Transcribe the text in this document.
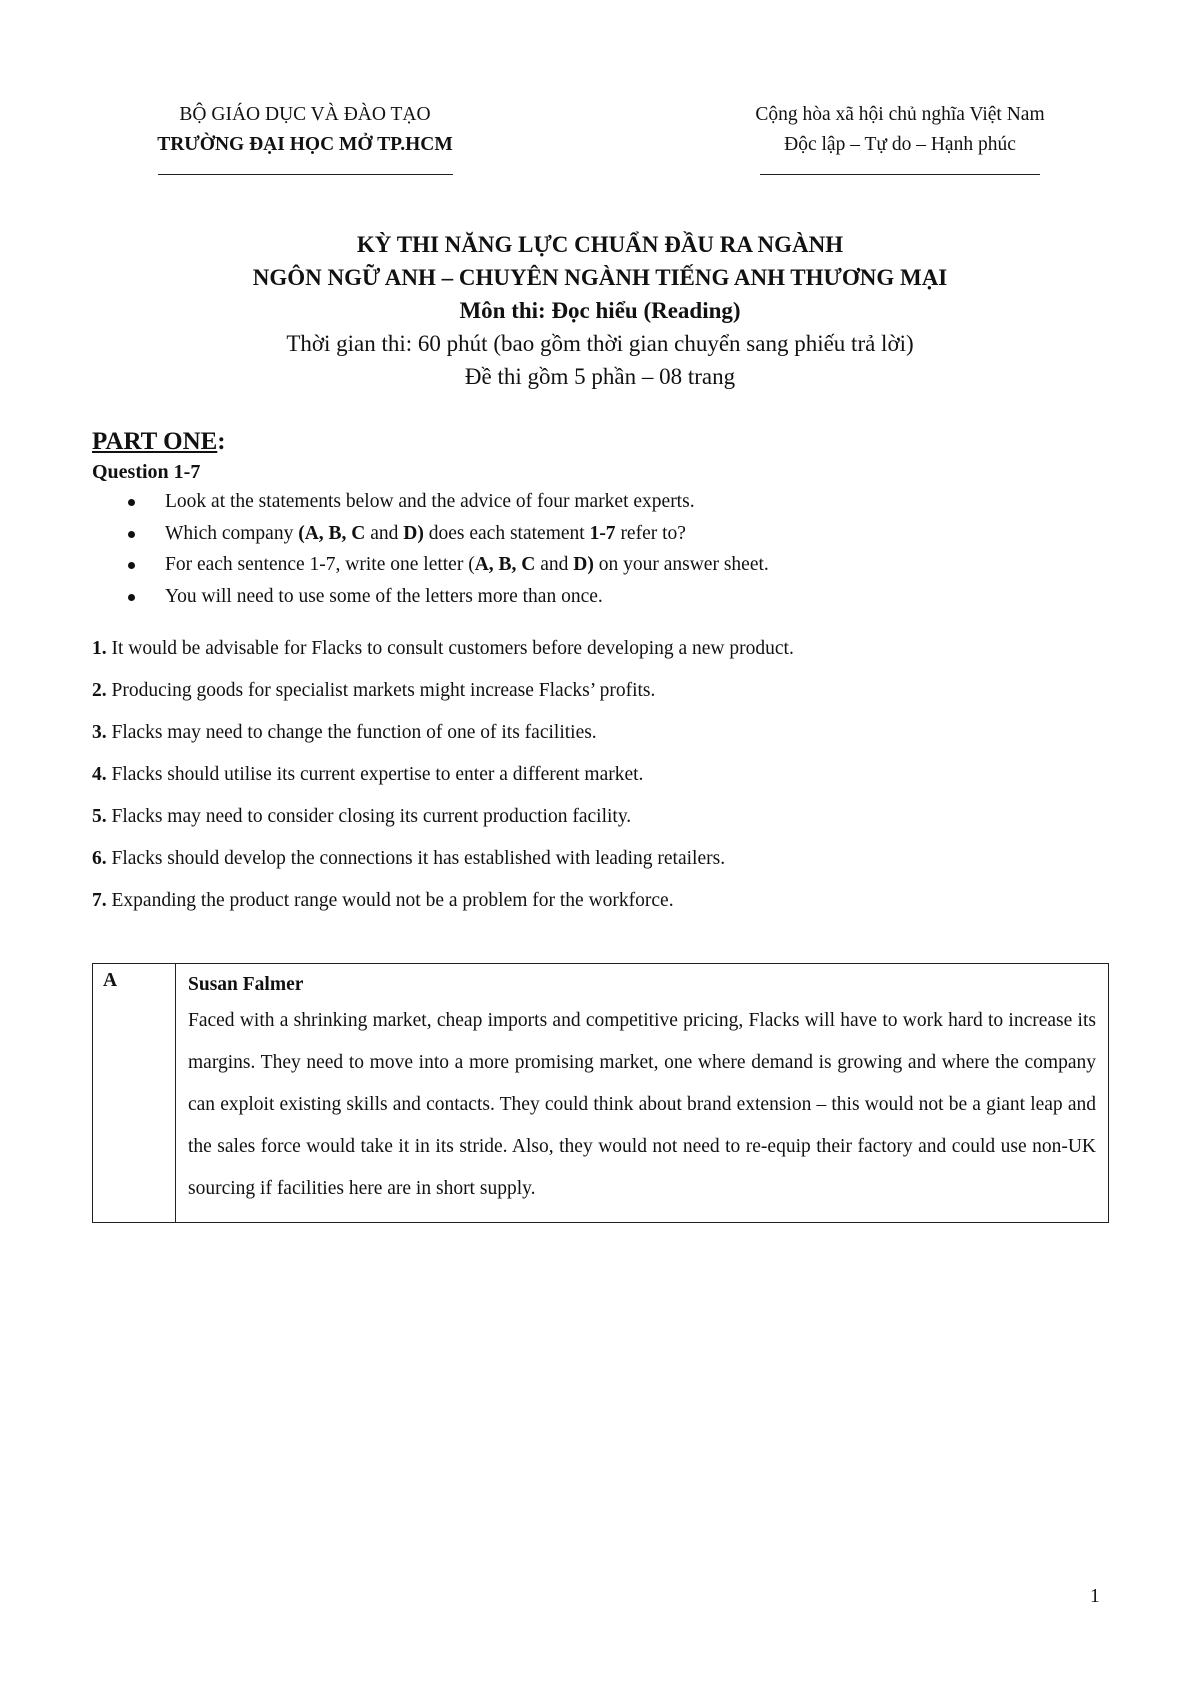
BỘ GIÁO DỤC VÀ ĐÀO TẠO
TRƯỜNG ĐẠI HỌC MỞ TP.HCM
Cộng hòa xã hội chủ nghĩa Việt Nam
Độc lập – Tự do – Hạnh phúc
KỲ THI NĂNG LỰC CHUẨN ĐẦU RA NGÀNH
NGÔN NGỮ ANH – CHUYÊN NGÀNH TIẾNG ANH THƯƠNG MẠI
Môn thi: Đọc hiểu (Reading)
Thời gian thi: 60 phút (bao gồm thời gian chuyển sang phiếu trả lời)
Đề thi gồm 5 phần – 08 trang
PART ONE:
Question 1-7
Look at the statements below and the advice of four market experts.
Which company (A, B, C and D) does each statement 1-7 refer to?
For each sentence 1-7, write one letter (A, B, C and D) on your answer sheet.
You will need to use some of the letters more than once.
1. It would be advisable for Flacks to consult customers before developing a new product.
2. Producing goods for specialist markets might increase Flacks’ profits.
3. Flacks may need to change the function of one of its facilities.
4. Flacks should utilise its current expertise to enter a different market.
5. Flacks may need to consider closing its current production facility.
6. Flacks should develop the connections it has established with leading retailers.
7. Expanding the product range would not be a problem for the workforce.
A	Susan Falmer
Faced with a shrinking market, cheap imports and competitive pricing, Flacks will have to work hard to increase its margins. They need to move into a more promising market, one where demand is growing and where the company can exploit existing skills and contacts. They could think about brand extension – this would not be a giant leap and the sales force would take it in its stride. Also, they would not need to re-equip their factory and could use non-UK sourcing if facilities here are in short supply.
1
